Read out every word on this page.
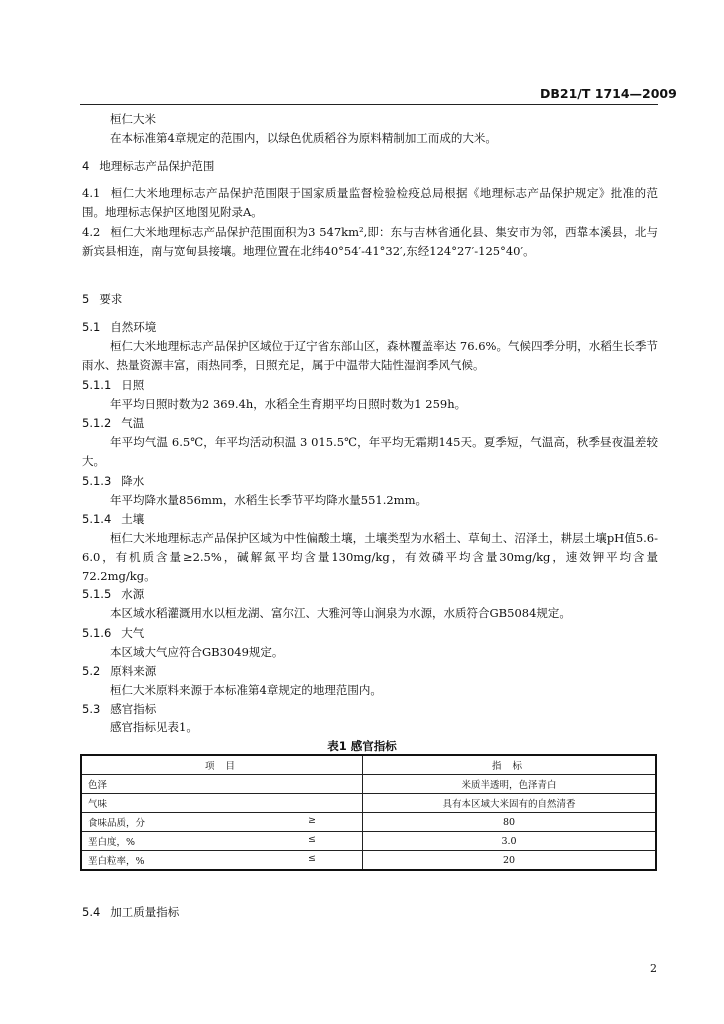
DB21/T 1714—2009
桓仁大米
在本标准第4章规定的范围内，以绿色优质稻谷为原料精制加工而成的大米。
4 地理标志产品保护范围
4.1 桓仁大米地理标志产品保护范围限于国家质量监督检验检疫总局根据《地理标志产品保护规定》批准的范围。地理标志保护区地图见附录A。
4.2 桓仁大米地理标志产品保护范围面积为3 547km²,即：东与吉林省通化县、集安市为邻，西靠本溪县，北与新宾县相连，南与宽甸县接壤。地理位置在北纬40°54′-41°32′,东经124°27′-125°40′。
5 要求
5.1 自然环境
桓仁大米地理标志产品保护区域位于辽宁省东部山区，森林覆盖率达 76.6%。气候四季分明，水稻生长季节雨水、热量资源丰富，雨热同季，日照充足，属于中温带大陆性湿润季风气候。
5.1.1 日照
年平均日照时数为2 369.4h，水稻全生育期平均日照时数为1 259h。
5.1.2 气温
年平均气温 6.5℃，年平均活动积温 3 015.5℃，年平均无霜期145天。夏季短，气温高，秋季昼夜温差较大。
5.1.3 降水
年平均降水量856mm，水稻生长季节平均降水量551.2mm。
5.1.4 土壤
桓仁大米地理标志产品保护区域为中性偏酸土壤，土壤类型为水稻土、草甸土、沼泽土，耕层土壤pH值5.6-6.0，有机质含量≥2.5%，碱解氮平均含量130mg/kg，有效磷平均含量30mg/kg，速效钾平均含量72.2mg/kg。
5.1.5 水源
本区域水稻灌溉用水以桓龙湖、富尔江、大雅河等山涧泉为水源，水质符合GB5084规定。
5.1.6 大气
本区域大气应符合GB3049规定。
5.2 原料来源
桓仁大米原料来源于本标准第4章规定的地理范围内。
5.3 感官指标
感官指标见表1。
表1 感官指标
项 目	指 标
色泽	米质半透明，色泽青白
气味	具有本区域大米固有的自然清香
食味品质，分 ≥	80
垩白度，% ≤	3.0
垩白粒率，% ≤	20
5.4 加工质量指标
2
